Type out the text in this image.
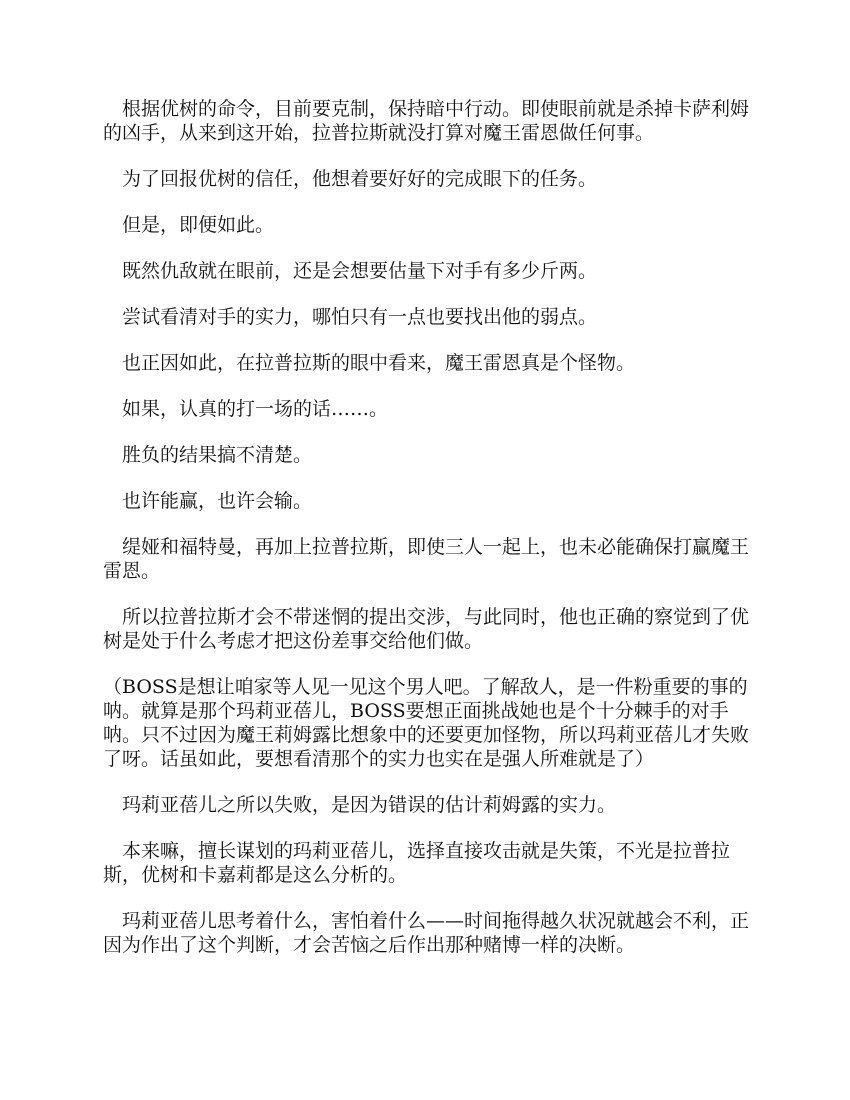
根据优树的命令，目前要克制，保持暗中行动。即使眼前就是杀掉卡萨利姆的凶手，从来到这开始，拉普拉斯就没打算对魔王雷恩做任何事。

为了回报优树的信任，他想着要好好的完成眼下的任务。

但是，即便如此。

既然仇敌就在眼前，还是会想要估量下对手有多少斤两。

尝试看清对手的实力，哪怕只有一点也要找出他的弱点。

也正因如此，在拉普拉斯的眼中看来，魔王雷恩真是个怪物。

如果，认真的打一场的话……。

胜负的结果搞不清楚。

也许能赢，也许会输。

缇娅和福特曼，再加上拉普拉斯，即使三人一起上，也未必能确保打赢魔王雷恩。

所以拉普拉斯才会不带迷惘的提出交涉，与此同时，他也正确的察觉到了优树是处于什么考虑才把这份差事交给他们做。

（BOSS是想让咱家等人见一见这个男人吧。了解敌人，是一件粉重要的事的呐。就算是那个玛莉亚蓓儿，BOSS要想正面挑战她也是个十分棘手的对手呐。只不过因为魔王莉姆露比想象中的还要更加怪物，所以玛莉亚蓓儿才失败了呀。话虽如此，要想看清那个的实力也实在是强人所难就是了）

玛莉亚蓓儿之所以失败，是因为错误的估计莉姆露的实力。

本来嘛，擅长谋划的玛莉亚蓓儿，选择直接攻击就是失策，不光是拉普拉斯，优树和卡嘉莉都是这么分析的。

玛莉亚蓓儿思考着什么，害怕着什么——时间拖得越久状况就越会不利，正因为作出了这个判断，才会苦恼之后作出那种赌博一样的决断。
